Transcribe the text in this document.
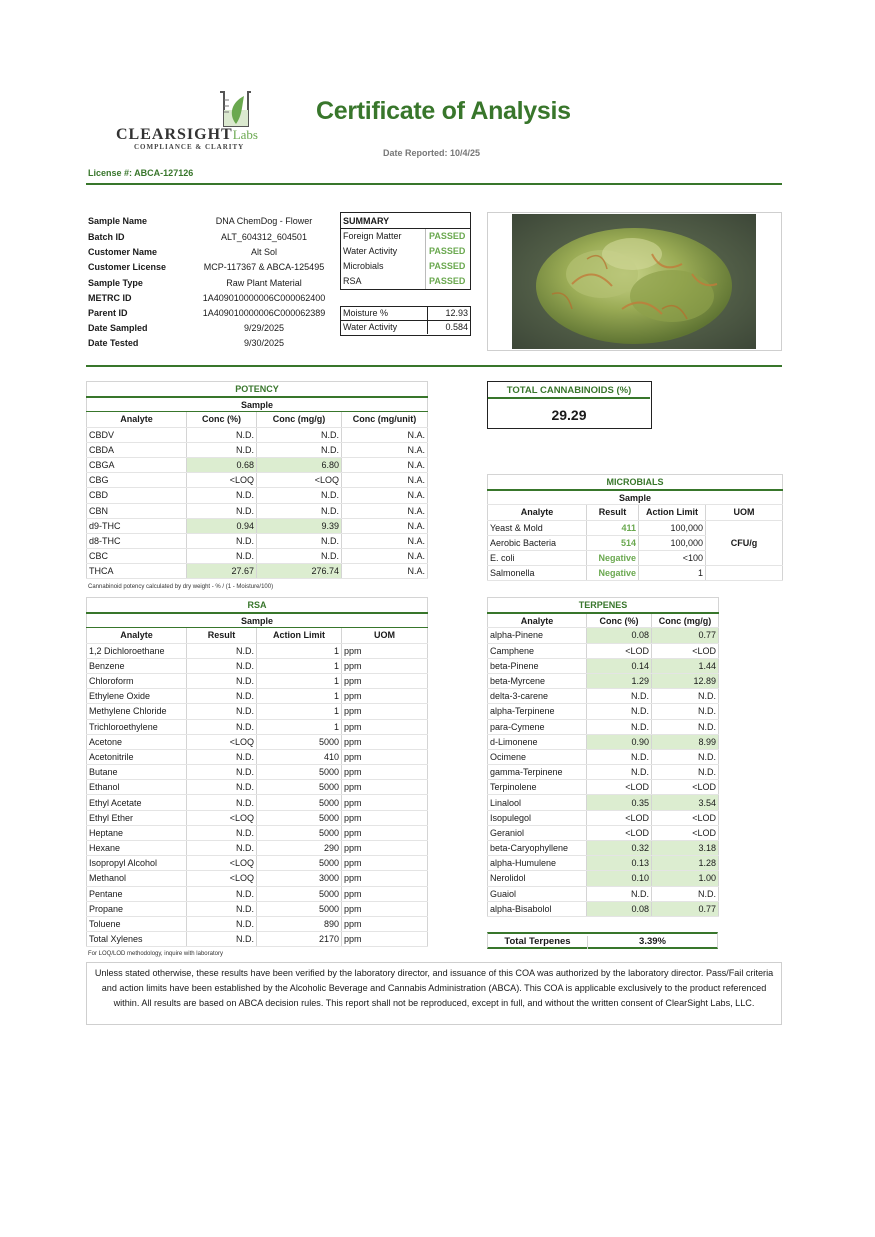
CLEARSIGHTLabs
COMPLIANCE & CLARITY
Certificate of Analysis
Date Reported: 10/4/25
License #: ABCA-127126
Sample Name	DNA ChemDog - Flower
Batch ID	ALT_604312_604501
Customer Name	Alt Sol
Customer License	MCP-117367 & ABCA-125495
Sample Type	Raw Plant Material
METRC ID	1A409010000006C000062400
Parent ID	1A409010000006C000062389
Date Sampled	9/29/2025
Date Tested	9/30/2025
SUMMARY
Foreign Matter	PASSED
Water Activity	PASSED
Microbials	PASSED
RSA	PASSED
Moisture %	12.93
Water Activity	0.584
POTENCY			
Sample			
Analyte	Conc (%)	Conc (mg/g)	Conc (mg/unit)
CBDV	N.D.	N.D.	N.A.
CBDA	N.D.	N.D.	N.A.
CBGA	0.68	6.80	N.A.
CBG	<LOQ	<LOQ	N.A.
CBD	N.D.	N.D.	N.A.
CBN	N.D.	N.D.	N.A.
d9-THC	0.94	9.39	N.A.
d8-THC	N.D.	N.D.	N.A.
CBC	N.D.	N.D.	N.A.
THCA	27.67	276.74	N.A.
Cannabinoid potency calculated by dry weight - % / (1 - Moisture/100)
TOTAL CANNABINOIDS (%)
29.29
MICROBIALS			
Sample			
Analyte	Result	Action Limit	UOM
Yeast & Mold	411	100,000	CFU/g
Aerobic Bacteria	514	100,000	
E. coli	Negative	<100	
Salmonella	Negative	1	
RSA			
Sample			
Analyte	Result	Action Limit	UOM
1,2 Dichloroethane	N.D.	1	ppm
Benzene	N.D.	1	ppm
Chloroform	N.D.	1	ppm
Ethylene Oxide	N.D.	1	ppm
Methylene Chloride	N.D.	1	ppm
Trichloroethylene	N.D.	1	ppm
Acetone	<LOQ	5000	ppm
Acetonitrile	N.D.	410	ppm
Butane	N.D.	5000	ppm
Ethanol	N.D.	5000	ppm
Ethyl Acetate	N.D.	5000	ppm
Ethyl Ether	<LOQ	5000	ppm
Heptane	N.D.	5000	ppm
Hexane	N.D.	290	ppm
Isopropyl Alcohol	<LOQ	5000	ppm
Methanol	<LOQ	3000	ppm
Pentane	N.D.	5000	ppm
Propane	N.D.	5000	ppm
Toluene	N.D.	890	ppm
Total Xylenes	N.D.	2170	ppm
For LOQ/LOD methodology, inquire with laboratory
TERPENES		
Analyte	Conc (%)	Conc (mg/g)
alpha-Pinene	0.08	0.77
Camphene	<LOD	<LOD
beta-Pinene	0.14	1.44
beta-Myrcene	1.29	12.89
delta-3-carene	N.D.	N.D.
alpha-Terpinene	N.D.	N.D.
para-Cymene	N.D.	N.D.
d-Limonene	0.90	8.99
Ocimene	N.D.	N.D.
gamma-Terpinene	N.D.	N.D.
Terpinolene	<LOD	<LOD
Linalool	0.35	3.54
Isopulegol	<LOD	<LOD
Geraniol	<LOD	<LOD
beta-Caryophyllene	0.32	3.18
alpha-Humulene	0.13	1.28
Nerolidol	0.10	1.00
Guaiol	N.D.	N.D.
alpha-Bisabolol	0.08	0.77
Total Terpenes	3.39%
Unless stated otherwise, these results have been verified by the laboratory director, and issuance of this COA was authorized by the laboratory director. Pass/Fail criteria and action limits have been established by the Alcoholic Beverage and Cannabis Administration (ABCA). This COA is applicable exclusively to the product referenced within. All results are based on ABCA decision rules. This report shall not be reproduced, except in full, and without the written consent of ClearSight Labs, LLC.
